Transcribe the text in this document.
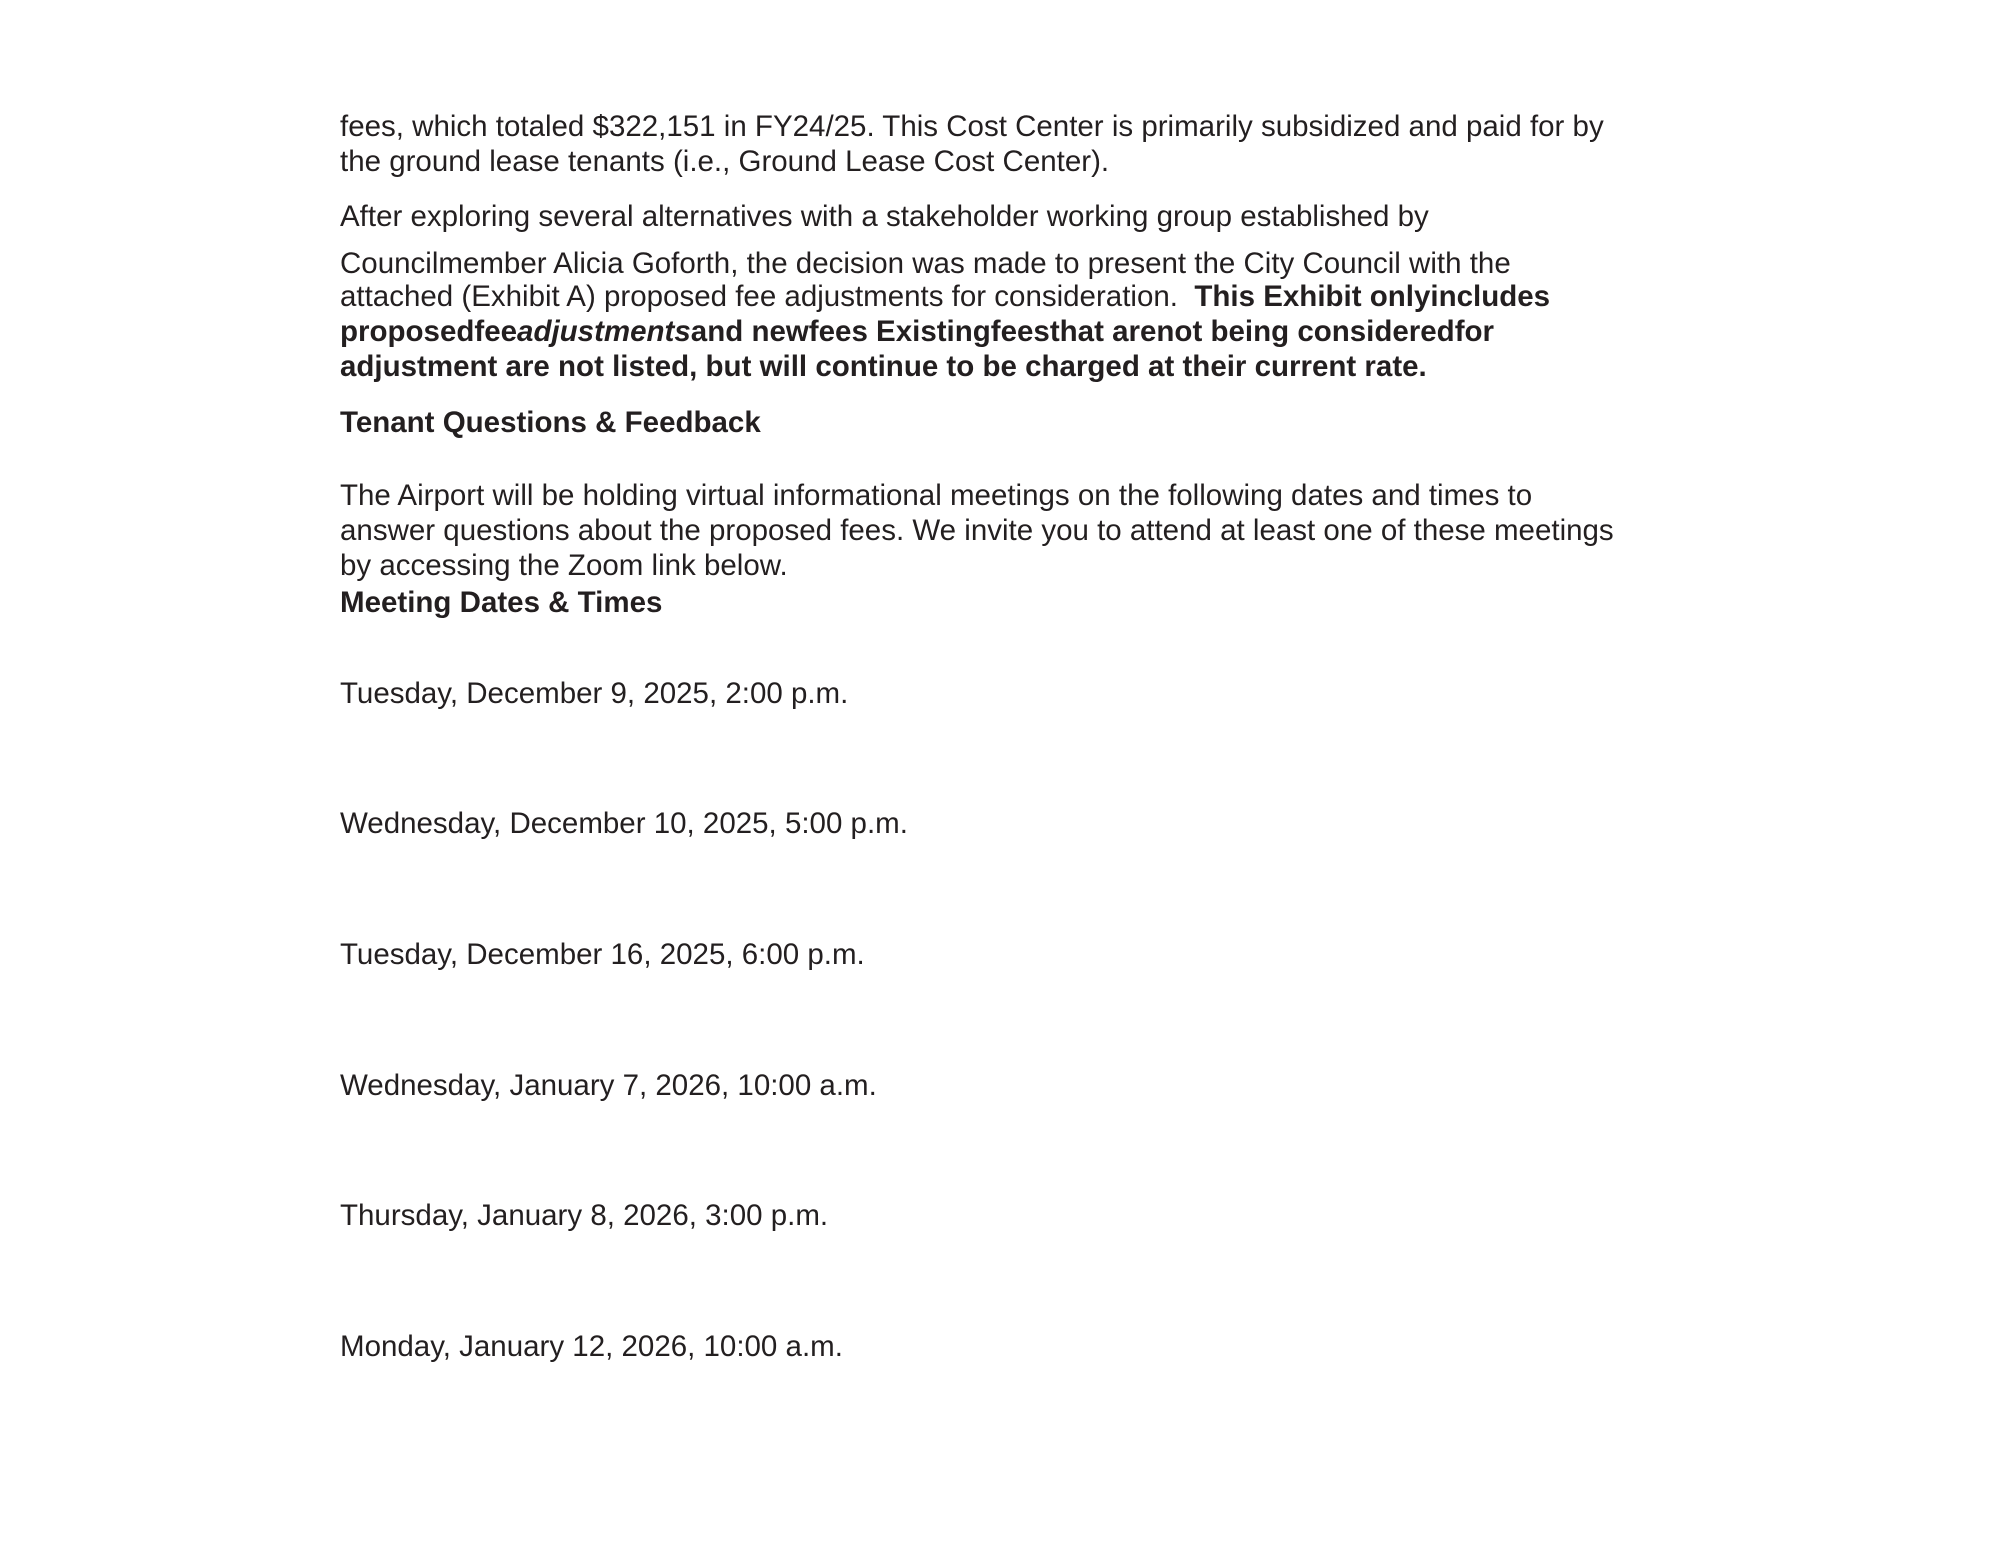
fees, which totaled $322,151 in FY24/25. This Cost Center is primarily subsidized and paid for by
the ground lease tenants (i.e., Ground Lease Cost Center).
After exploring several alternatives with a stakeholder working group established by
Councilmember Alicia Goforth, the decision was made to present the City Council with the
attached (Exhibit A) proposed fee adjustments for consideration. This Exhibit onlyincludes
proposedfeeadjustmentsand newfees Existingfeesthat arenot being consideredfor
adjustment are not listed, but will continue to be charged at their current rate.
Tenant Questions & Feedback
The Airport will be holding virtual informational meetings on the following dates and times to
answer questions about the proposed fees. We invite you to attend at least one of these meetings
by accessing the Zoom link below.
Meeting Dates & Times
Tuesday, December 9, 2025, 2:00 p.m.
Wednesday, December 10, 2025, 5:00 p.m.
Tuesday, December 16, 2025, 6:00 p.m.
Wednesday, January 7, 2026, 10:00 a.m.
Thursday, January 8, 2026, 3:00 p.m.
Monday, January 12, 2026, 10:00 a.m.
